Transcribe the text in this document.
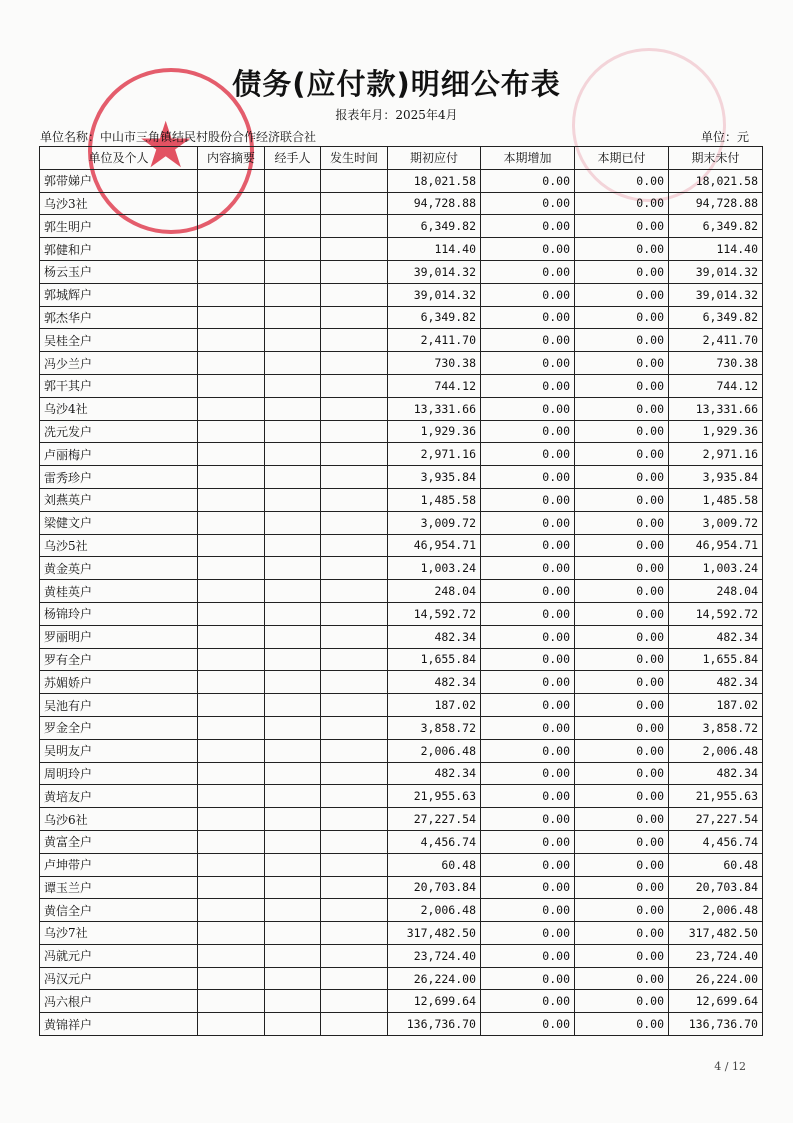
★
债务(应付款)明细公布表
报表年月：2025年4月
单位名称：中山市三角镇结民村股份合作经济联合社	单位：元
单位及个人	内容摘要	经手人	发生时间	期初应付	本期增加	本期已付	期末未付
郭带娣户				18,021.58	0.00	0.00	18,021.58
乌沙3社				94,728.88	0.00	0.00	94,728.88
郭生明户				6,349.82	0.00	0.00	6,349.82
郭健和户				114.40	0.00	0.00	114.40
杨云玉户				39,014.32	0.00	0.00	39,014.32
郭城辉户				39,014.32	0.00	0.00	39,014.32
郭杰华户				6,349.82	0.00	0.00	6,349.82
吴桂全户				2,411.70	0.00	0.00	2,411.70
冯少兰户				730.38	0.00	0.00	730.38
郭干其户				744.12	0.00	0.00	744.12
乌沙4社				13,331.66	0.00	0.00	13,331.66
冼元发户				1,929.36	0.00	0.00	1,929.36
卢丽梅户				2,971.16	0.00	0.00	2,971.16
雷秀珍户				3,935.84	0.00	0.00	3,935.84
刘燕英户				1,485.58	0.00	0.00	1,485.58
梁健文户				3,009.72	0.00	0.00	3,009.72
乌沙5社				46,954.71	0.00	0.00	46,954.71
黄金英户				1,003.24	0.00	0.00	1,003.24
黄桂英户				248.04	0.00	0.00	248.04
杨锦玲户				14,592.72	0.00	0.00	14,592.72
罗丽明户				482.34	0.00	0.00	482.34
罗有全户				1,655.84	0.00	0.00	1,655.84
苏媚娇户				482.34	0.00	0.00	482.34
吴池有户				187.02	0.00	0.00	187.02
罗金全户				3,858.72	0.00	0.00	3,858.72
吴明友户				2,006.48	0.00	0.00	2,006.48
周明玲户				482.34	0.00	0.00	482.34
黄培友户				21,955.63	0.00	0.00	21,955.63
乌沙6社				27,227.54	0.00	0.00	27,227.54
黄富全户				4,456.74	0.00	0.00	4,456.74
卢坤带户				60.48	0.00	0.00	60.48
谭玉兰户				20,703.84	0.00	0.00	20,703.84
黄信全户				2,006.48	0.00	0.00	2,006.48
乌沙7社				317,482.50	0.00	0.00	317,482.50
冯就元户				23,724.40	0.00	0.00	23,724.40
冯汉元户				26,224.00	0.00	0.00	26,224.00
冯六根户				12,699.64	0.00	0.00	12,699.64
黄锦祥户				136,736.70	0.00	0.00	136,736.70
4 / 12
